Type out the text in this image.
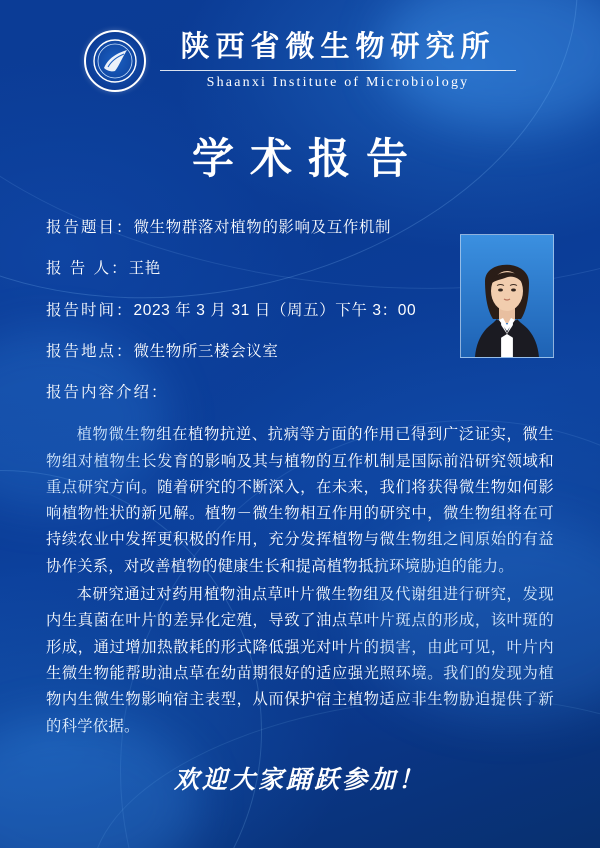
陕西省微生物研究所
Shaanxi Institute of Microbiology
学术报告
报告题目：微生物群落对植物的影响及互作机制
报 告 人：王艳
报告时间：2023 年 3 月 31 日（周五）下午 3：00
报告地点：微生物所三楼会议室
报告内容介绍：

植物微生物组在植物抗逆、抗病等方面的作用已得到广泛证实，微生物组对植物生长发育的影响及其与植物的互作机制是国际前沿研究领域和重点研究方向。随着研究的不断深入，在未来，我们将获得微生物如何影响植物性状的新见解。植物－微生物相互作用的研究中，微生物组将在可持续农业中发挥更积极的作用，充分发挥植物与微生物组之间原始的有益协作关系，对改善植物的健康生长和提高植物抵抗环境胁迫的能力。

本研究通过对药用植物油点草叶片微生物组及代谢组进行研究，发现内生真菌在叶片的差异化定殖，导致了油点草叶片斑点的形成，该叶斑的形成，通过增加热散耗的形式降低强光对叶片的损害，由此可见，叶片内生微生物能帮助油点草在幼苗期很好的适应强光照环境。我们的发现为植物内生微生物影响宿主表型，从而保护宿主植物适应非生物胁迫提供了新的科学依据。

欢迎大家踊跃参加！
